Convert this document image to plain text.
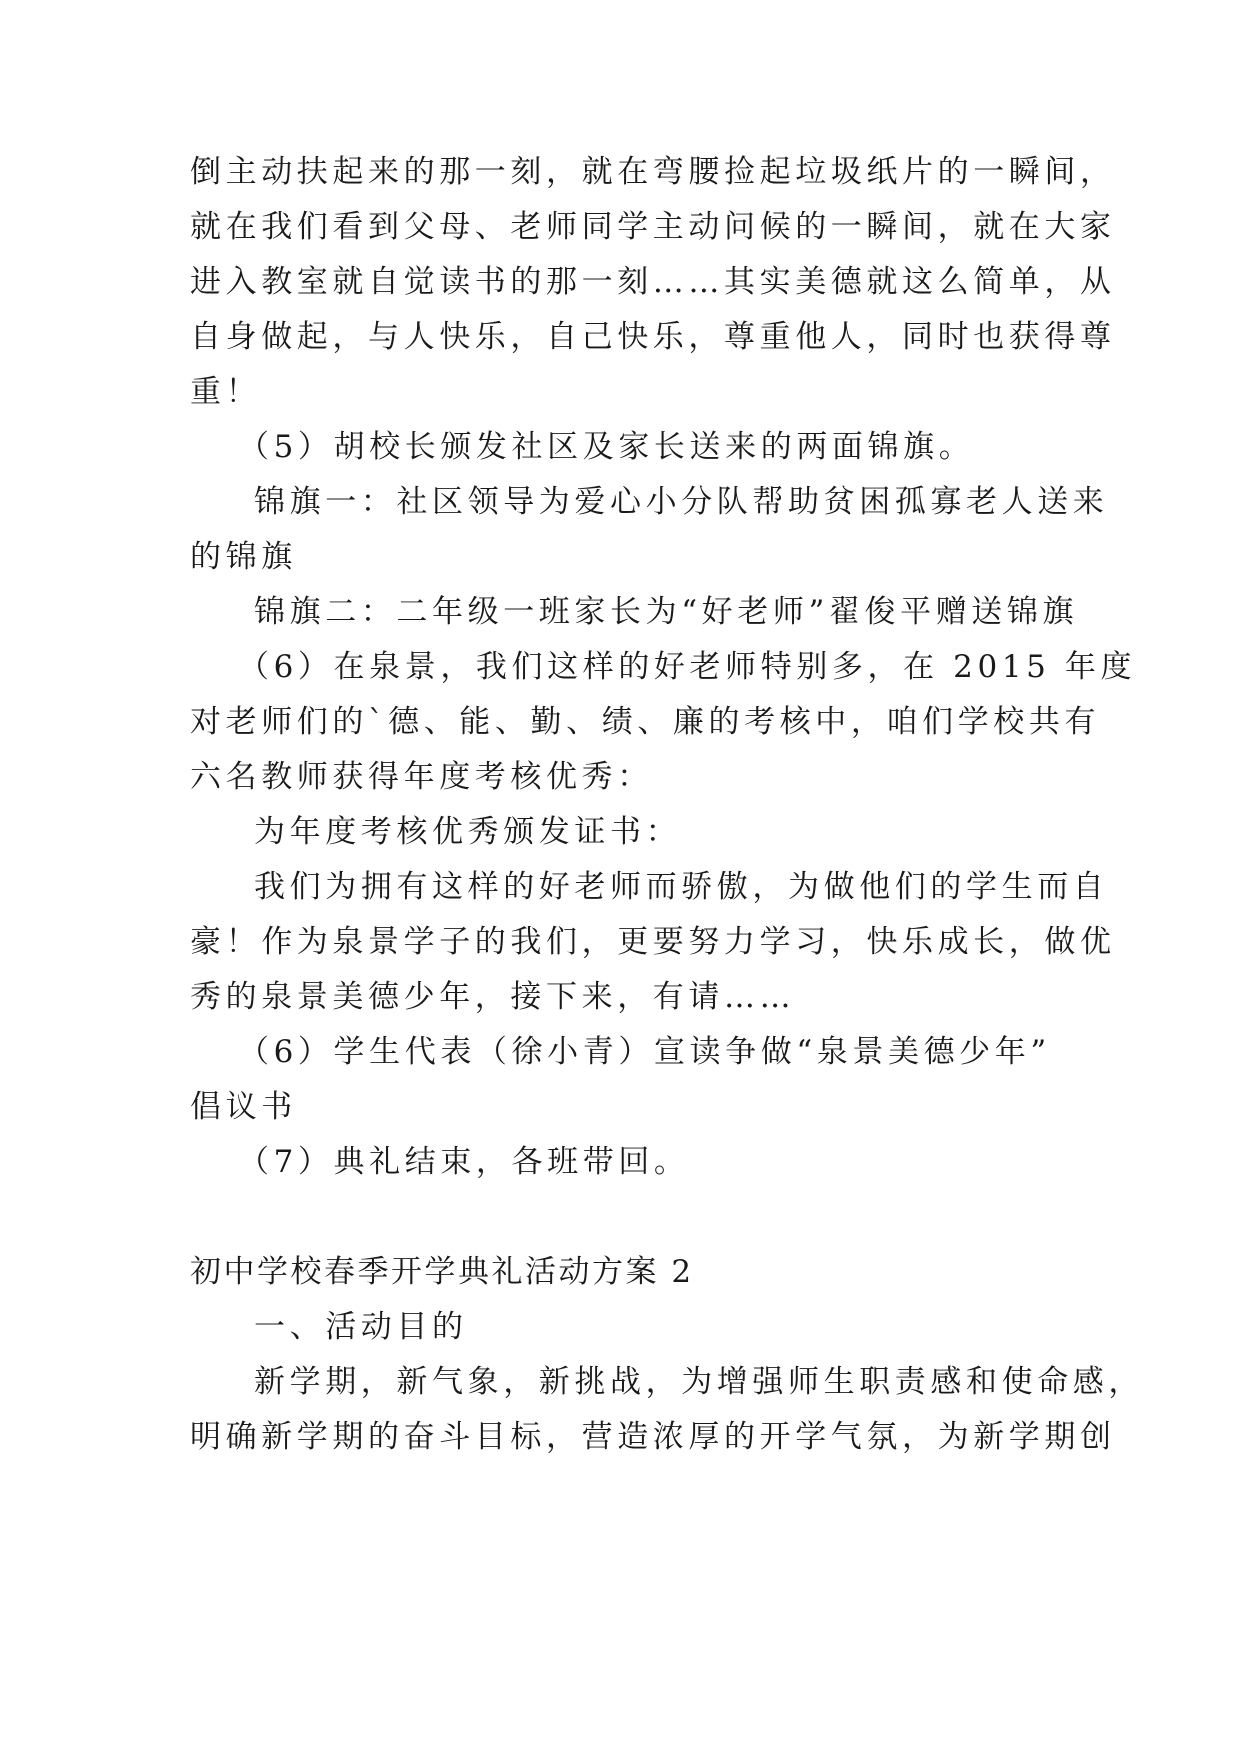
倒主动扶起来的那一刻，就在弯腰捡起垃圾纸片的一瞬间，
就在我们看到父母、老师同学主动问候的一瞬间，就在大家
进入教室就自觉读书的那一刻……其实美德就这么简单，从
自身做起，与人快乐，自己快乐，尊重他人，同时也获得尊
重！
（5）胡校长颁发社区及家长送来的两面锦旗。
锦旗一：社区领导为爱心小分队帮助贫困孤寡老人送来
的锦旗
锦旗二：二年级一班家长为“好老师”翟俊平赠送锦旗
（6）在泉景，我们这样的好老师特别多，在 2015 年度
对老师们的`德、能、勤、绩、廉的考核中，咱们学校共有
六名教师获得年度考核优秀：
为年度考核优秀颁发证书：
我们为拥有这样的好老师而骄傲，为做他们的学生而自
豪！作为泉景学子的我们，更要努力学习，快乐成长，做优
秀的泉景美德少年，接下来，有请……
（6）学生代表（徐小青）宣读争做“泉景美德少年”
倡议书
（7）典礼结束，各班带回。
初中学校春季开学典礼活动方案 2
一、活动目的
新学期，新气象，新挑战，为增强师生职责感和使命感，
明确新学期的奋斗目标，营造浓厚的开学气氛，为新学期创
